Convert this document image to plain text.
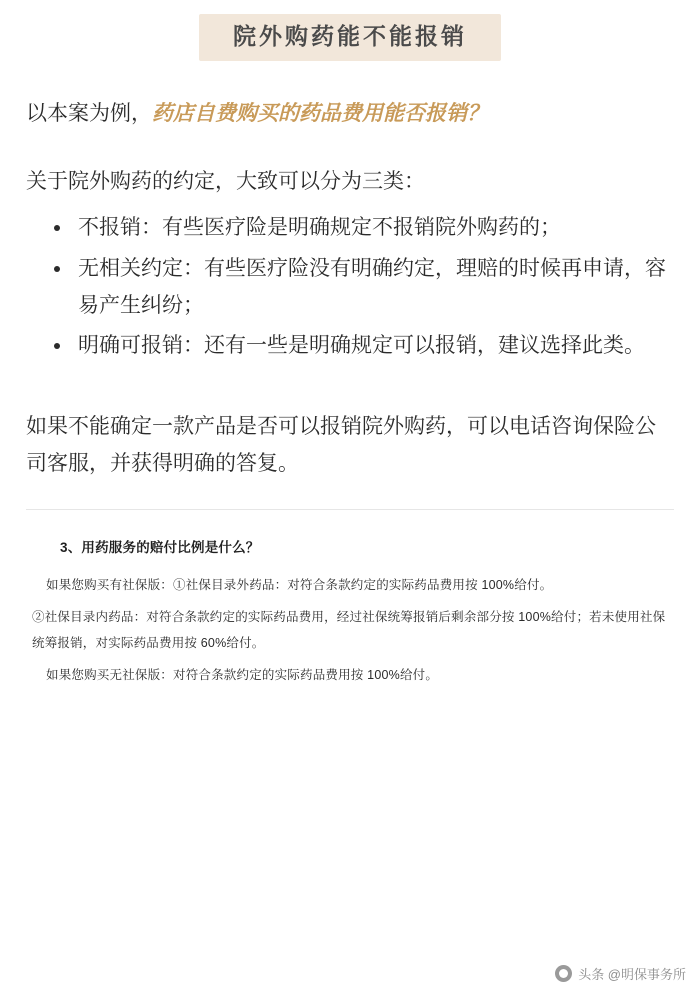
院外购药能不能报销

以本案为例，药店自费购买的药品费用能否报销？

关于院外购药的约定，大致可以分为三类：

不报销：有些医疗险是明确规定不报销院外购药的；
无相关约定：有些医疗险没有明确约定，理赔的时候再申请，容易产生纠纷；
明确可报销：还有一些是明确规定可以报销，建议选择此类。

如果不能确定一款产品是否可以报销院外购药，可以电话咨询保险公司客服，并获得明确的答复。

3、用药服务的赔付比例是什么？

如果您购买有社保版：①社保目录外药品：对符合条款约定的实际药品费用按 100%给付。

②社保目录内药品：对符合条款约定的实际药品费用，经过社保统筹报销后剩余部分按 100%给付；若未使用社保统筹报销，对实际药品费用按 60%给付。

如果您购买无社保版：对符合条款约定的实际药品费用按 100%给付。

头条 @明保事务所
